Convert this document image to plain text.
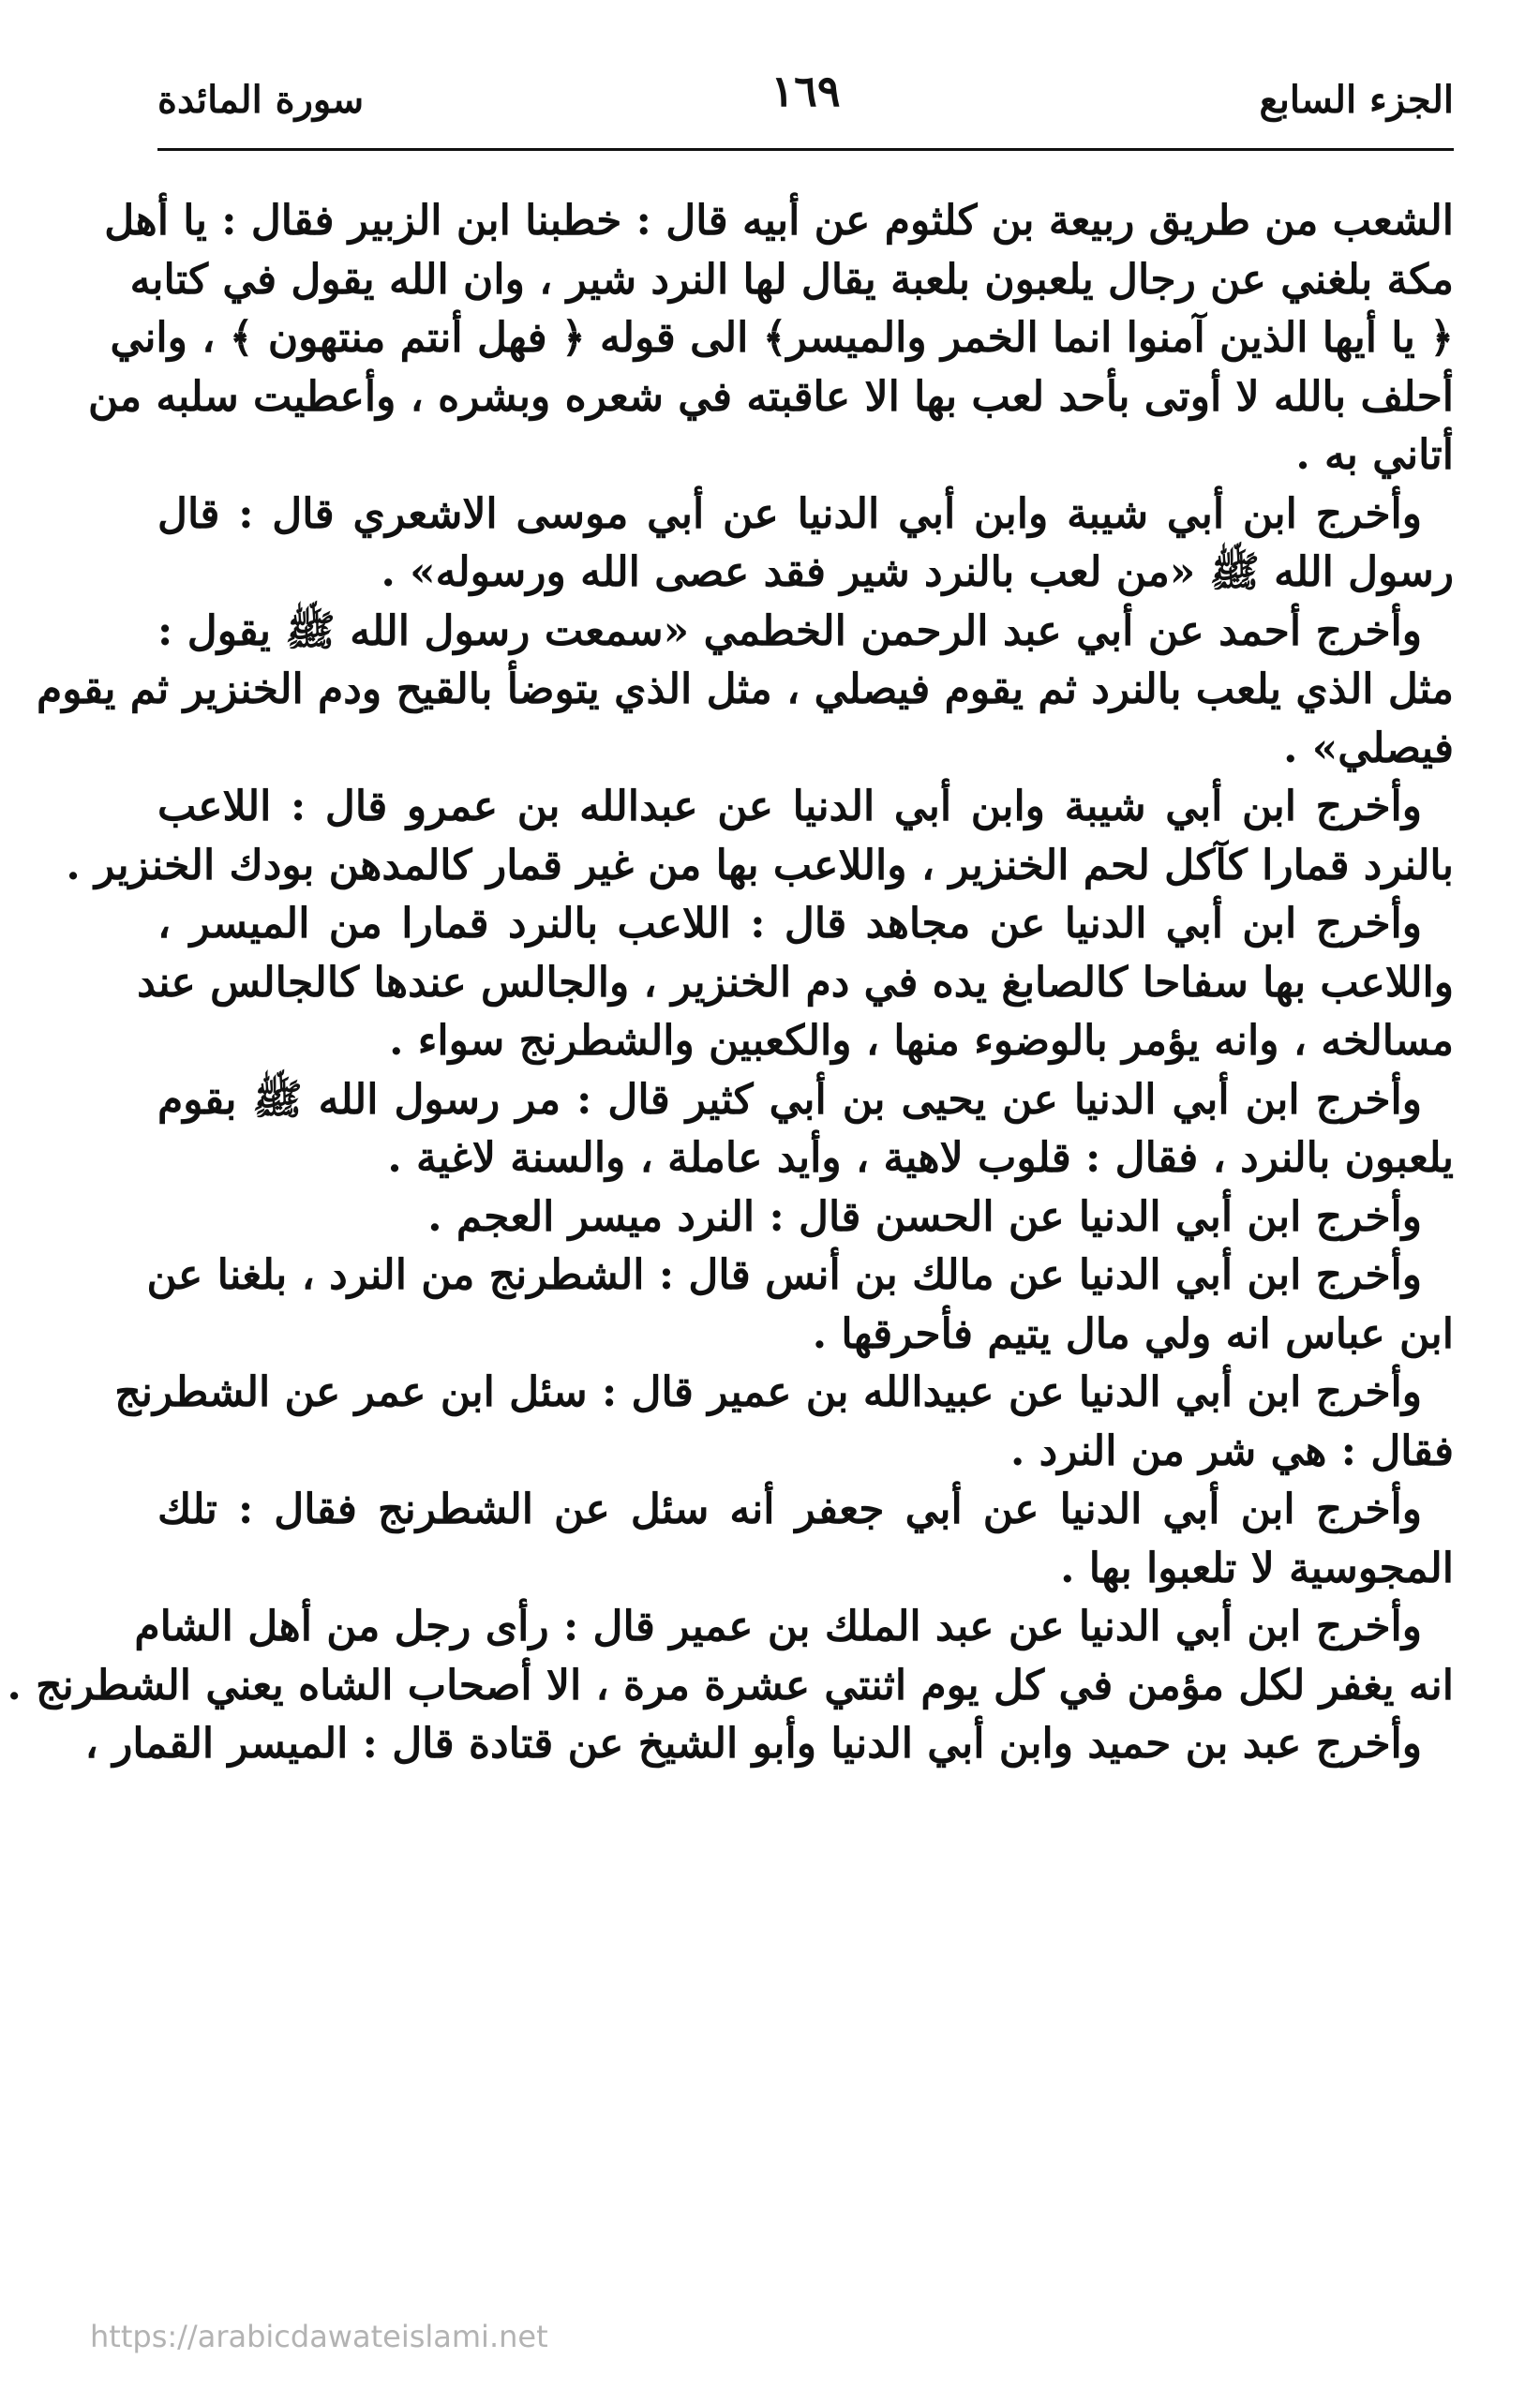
الجزء السابع
١٦٩
سورة المائدة
الشعب من طريق ربيعة بن كلثوم عن أبيه قال : خطبنا ابن الزبير فقال : يا أهل
مكة بلغني عن رجال يلعبون بلعبة يقال لها النرد شير ، وان الله يقول في كتابه
﴿ يا أيها الذين آمنوا انما الخمر والميسر﴾ الى قوله ﴿ فهل أنتم منتهون ﴾ ، واني
أحلف بالله لا أوتى بأحد لعب بها الا عاقبته في شعره وبشره ، وأعطيت سلبه من
أتاني به .
وأخرج ابن أبي شيبة وابن أبي الدنيا عن أبي موسى الاشعري قال : قال
رسول الله ﷺ «من لعب بالنرد شير فقد عصى الله ورسوله» .
وأخرج أحمد عن أبي عبد الرحمن الخطمي «سمعت رسول الله ﷺ يقول :
مثل الذي يلعب بالنرد ثم يقوم فيصلي ، مثل الذي يتوضأ بالقيح ودم الخنزير ثم يقوم
فيصلي» .
وأخرج ابن أبي شيبة وابن أبي الدنيا عن عبدالله بن عمرو قال : اللاعب
بالنرد قمارا كآكل لحم الخنزير ، واللاعب بها من غير قمار كالمدهن بودك الخنزير .
وأخرج ابن أبي الدنيا عن مجاهد قال : اللاعب بالنرد قمارا من الميسر ،
واللاعب بها سفاحا كالصابغ يده في دم الخنزير ، والجالس عندها كالجالس عند
مسالخه ، وانه يؤمر بالوضوء منها ، والكعبين والشطرنج سواء .
وأخرج ابن أبي الدنيا عن يحيى بن أبي كثير قال : مر رسول الله ﷺ بقوم
يلعبون بالنرد ، فقال : قلوب لاهية ، وأيد عاملة ، والسنة لاغية .
وأخرج ابن أبي الدنيا عن الحسن قال : النرد ميسر العجم .
وأخرج ابن أبي الدنيا عن مالك بن أنس قال : الشطرنج من النرد ، بلغنا عن
ابن عباس انه ولي مال يتيم فأحرقها .
وأخرج ابن أبي الدنيا عن عبيدالله بن عمير قال : سئل ابن عمر عن الشطرنج
فقال : هي شر من النرد .
وأخرج ابن أبي الدنيا عن أبي جعفر أنه سئل عن الشطرنج فقال : تلك
المجوسية لا تلعبوا بها .
وأخرج ابن أبي الدنيا عن عبد الملك بن عمير قال : رأى رجل من أهل الشام
انه يغفر لكل مؤمن في كل يوم اثنتي عشرة مرة ، الا أصحاب الشاه يعني الشطرنج .
وأخرج عبد بن حميد وابن أبي الدنيا وأبو الشيخ عن قتادة قال : الميسر القمار ،
https://arabicdawateislami.net
